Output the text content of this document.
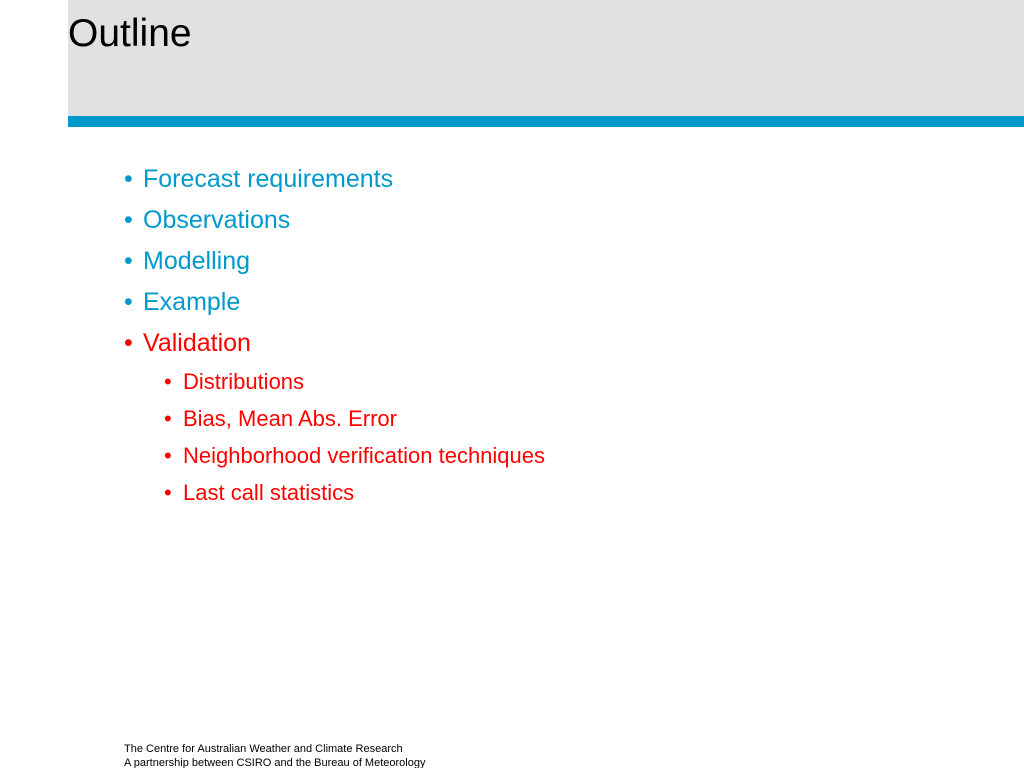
Outline
• Forecast requirements
• Observations
• Modelling
• Example
• Validation
• Distributions
• Bias, Mean Abs. Error
• Neighborhood verification techniques
• Last call statistics
The Centre for Australian Weather and Climate Research
A partnership between CSIRO and the Bureau of Meteorology
